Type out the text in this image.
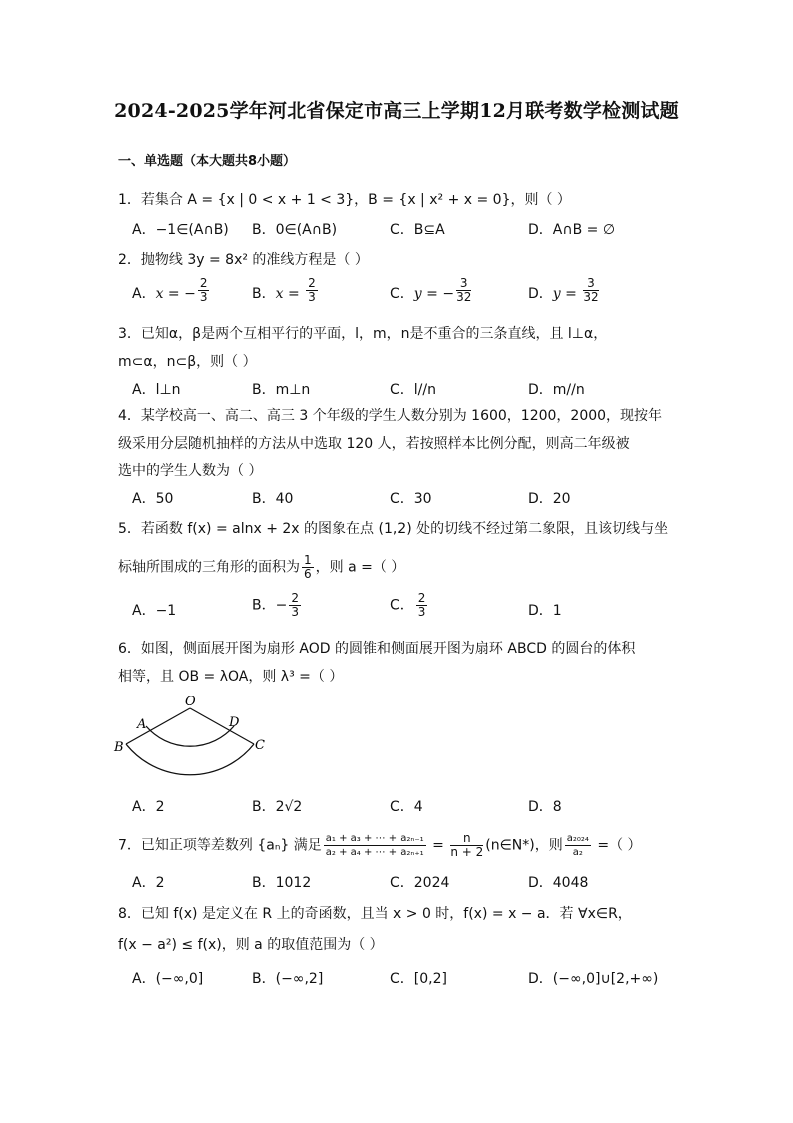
2024-2025学年河北省保定市高三上学期12月联考数学检测试题
一、单选题（本大题共8小题）
1．若集合 A = {x | 0 < x + 1 < 3}，B = {x | x² + x = 0}，则（ ）
A．−1∈(A∩B) B．0∈(A∩B)	C．B⊆A	D．A∩B = ∅
2．抛物线 3y = 8x² 的准线方程是（ ）
A．x = − $\frac{2}{3}$	B．$x = \frac{2}{3}$	C．y = − $\frac{3}{32}$	D．$y = \frac{3}{32}$
3．已知α，β是两个互相平行的平面，l，m，n是不重合的三条直线，且 l⊥α，
m⊂α，n⊂β，则（ ）
A．l⊥n	B．m⊥n	C．l//n	D．m//n
4．某学校高一、高二、高三 3 个年级的学生人数分别为 1600，1200，2000，现按年
级采用分层随机抽样的方法从中选取 120 人，若按照样本比例分配，则高二年级被
选中的学生人数为（ ）
A．50	B．40	C．30	D．20
5．若函数 f(x) = alnx + 2x 的图象在点 (1,2) 处的切线不经过第二象限，且该切线与坐
标轴所围成的三角形的面积为 $\frac{1}{6}$ ，则 a =（ ）
A．−1	B．− $\frac{2}{3}$	C． $\frac{2}{3}$	D．1
6．如图，侧面展开图为扇形 AOD 的圆锥和侧面展开图为扇环 ABCD 的圆台的体积
相等，且 OB = λOA，则 λ³ =（ ）
O
A	D
B	C
A．2	B．2√2	C．4	D．8
7．已知正项等差数列 {aₙ} 满足 $\frac{\text{a₁ + a₃ + ⋯ + a₂ₙ₋₁}}{\text{a₂ + a₄ + ⋯ + a₂ₙ₊₁}} = \frac{n}{n + 2}$ (n∈N*)，则 $\frac{\text{a₂₀₂₄}}{\text{a₂}}$ =（ ）
A．2	B．1012	C．2024	D．4048
8．已知 f(x) 是定义在 R 上的奇函数，且当 x > 0 时，f(x) = x − a．若 ∀x∈R，
f(x − a²) ≤ f(x)，则 a 的取值范围为（ ）
A．(−∞,0]	B．(−∞,2]	C．[0,2]	D．(−∞,0]∪[2,+∞)
